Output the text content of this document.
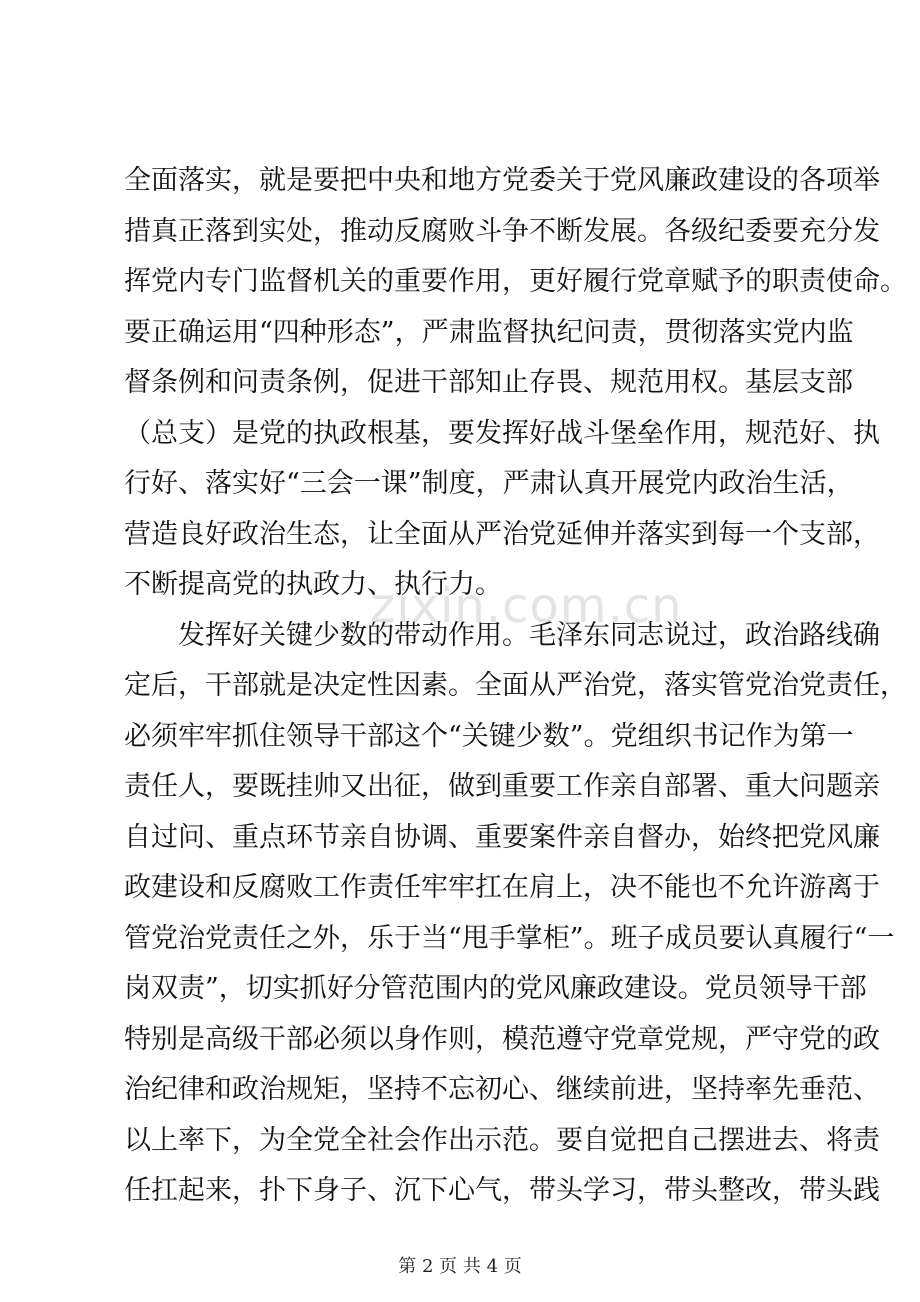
全面落实，就是要把中央和地方党委关于党风廉政建设的各项举
措真正落到实处，推动反腐败斗争不断发展。各级纪委要充分发
挥党内专门监督机关的重要作用，更好履行党章赋予的职责使命。
要正确运用“四种形态”，严肃监督执纪问责，贯彻落实党内监
督条例和问责条例，促进干部知止存畏、规范用权。基层支部
（总支）是党的执政根基，要发挥好战斗堡垒作用，规范好、执
行好、落实好“三会一课”制度，严肃认真开展党内政治生活，
营造良好政治生态，让全面从严治党延伸并落实到每一个支部，
不断提高党的执政力、执行力。
　　发挥好关键少数的带动作用。毛泽东同志说过，政治路线确
定后，干部就是决定性因素。全面从严治党，落实管党治党责任，
必须牢牢抓住领导干部这个“关键少数”。党组织书记作为第一
责任人，要既挂帅又出征，做到重要工作亲自部署、重大问题亲
自过问、重点环节亲自协调、重要案件亲自督办，始终把党风廉
政建设和反腐败工作责任牢牢扛在肩上，决不能也不允许游离于
管党治党责任之外，乐于当“甩手掌柜”。班子成员要认真履行“一
岗双责”，切实抓好分管范围内的党风廉政建设。党员领导干部
特别是高级干部必须以身作则，模范遵守党章党规，严守党的政
治纪律和政治规矩，坚持不忘初心、继续前进，坚持率先垂范、
zixin.com.cn
以上率下，为全党全社会作出示范。要自觉把自己摆进去、将责
任扛起来，扑下身子、沉下心气，带头学习，带头整改，带头践
第 2 页 共 4 页
